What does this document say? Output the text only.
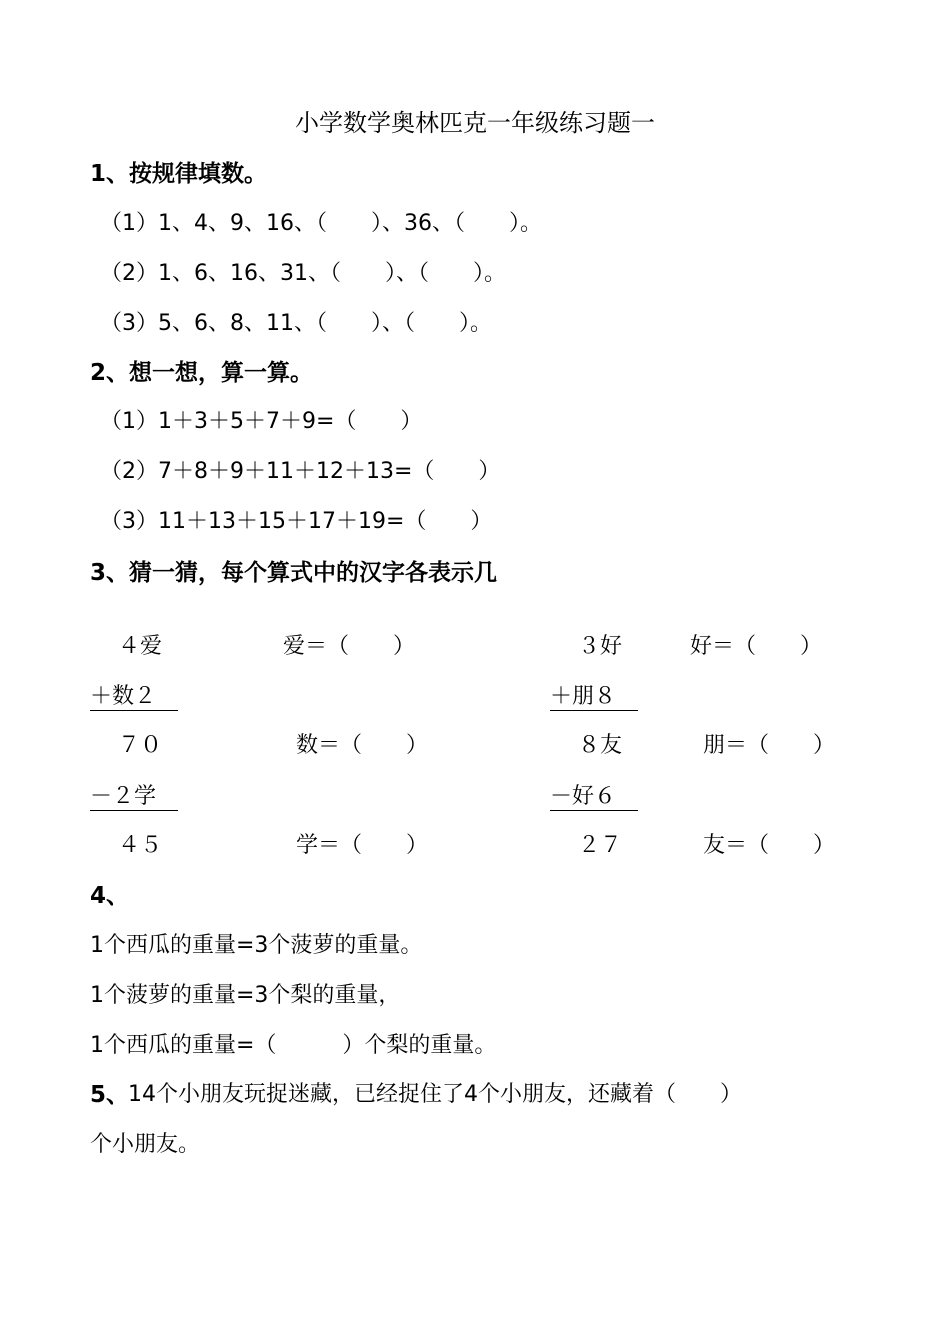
小学数学奥林匹克一年级练习题一
1、按规律填数。
（1）1、4、9、16、（　　）、36、（　　）。
（2）1、6、16、31、（　　）、（　　）。
（3）5、6、8、11、（　　）、（　　）。
2、想一想，算一算。
（1）1＋3＋5＋7＋9=（　　）
（2）7＋8＋9＋11＋12＋13=（　　）
（3）11＋13＋15＋17＋19=（　　）
3、猜一猜，每个算式中的汉字各表示几
４爱
＋数２　
７０
－２学　
４５
爱＝（　　）
数＝（　　）
学＝（　　）
３好
＋朋８　
８友
－好６　
２７
好＝（　　）
朋＝（　　）
友＝（　　）
4、
1个西瓜的重量=3个菠萝的重量。
1个菠萝的重量=3个梨的重量，
1个西瓜的重量=（　　　）个梨的重量。
5、
14个小朋友玩捉迷藏，已经捉住了4个小朋友，还藏着（　　）
个小朋友。
